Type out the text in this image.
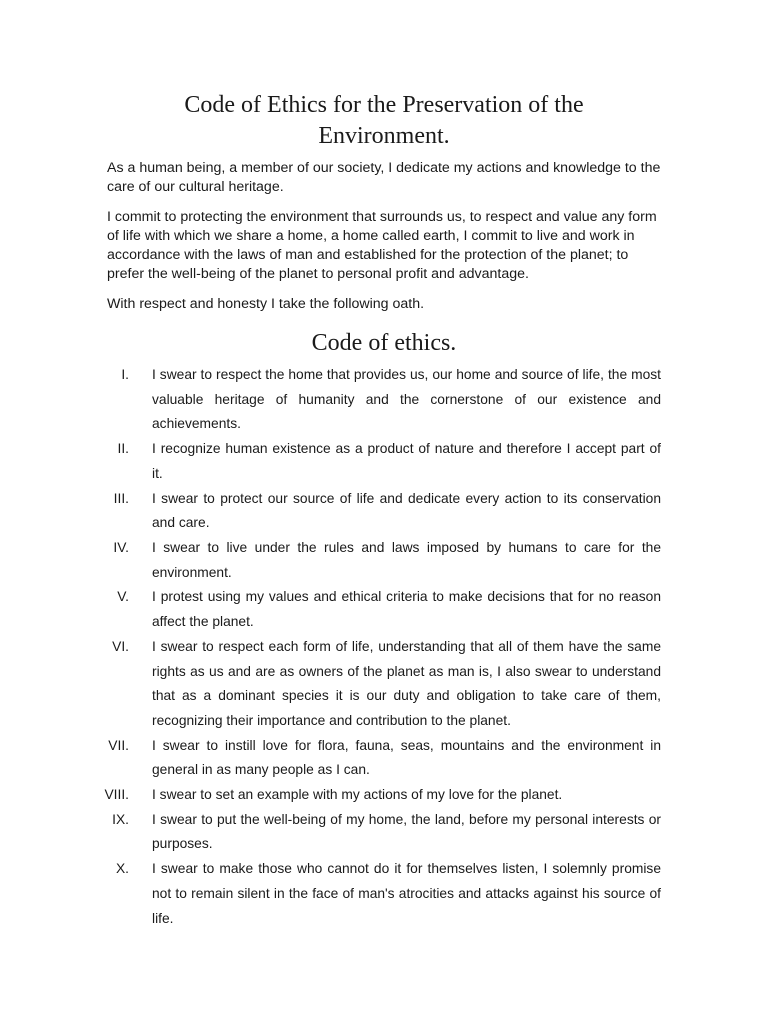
Code of Ethics for the Preservation of the Environment.

As a human being, a member of our society, I dedicate my actions and knowledge to the care of our cultural heritage.

I commit to protecting the environment that surrounds us, to respect and value any form of life with which we share a home, a home called earth, I commit to live and work in accordance with the laws of man and established for the protection of the planet; to prefer the well-being of the planet to personal profit and advantage.

With respect and honesty I take the following oath.

Code of ethics.
I. I swear to respect the home that provides us, our home and source of life, the most valuable heritage of humanity and the cornerstone of our existence and achievements.
II. I recognize human existence as a product of nature and therefore I accept part of it.
III. I swear to protect our source of life and dedicate every action to its conservation and care.
IV. I swear to live under the rules and laws imposed by humans to care for the environment.
V. I protest using my values and ethical criteria to make decisions that for no reason affect the planet.
VI. I swear to respect each form of life, understanding that all of them have the same rights as us and are as owners of the planet as man is, I also swear to understand that as a dominant species it is our duty and obligation to take care of them, recognizing their importance and contribution to the planet.
VII. I swear to instill love for flora, fauna, seas, mountains and the environment in general in as many people as I can.
VIII. I swear to set an example with my actions of my love for the planet.
IX. I swear to put the well-being of my home, the land, before my personal interests or purposes.
X. I swear to make those who cannot do it for themselves listen, I solemnly promise not to remain silent in the face of man's atrocities and attacks against his source of life.
